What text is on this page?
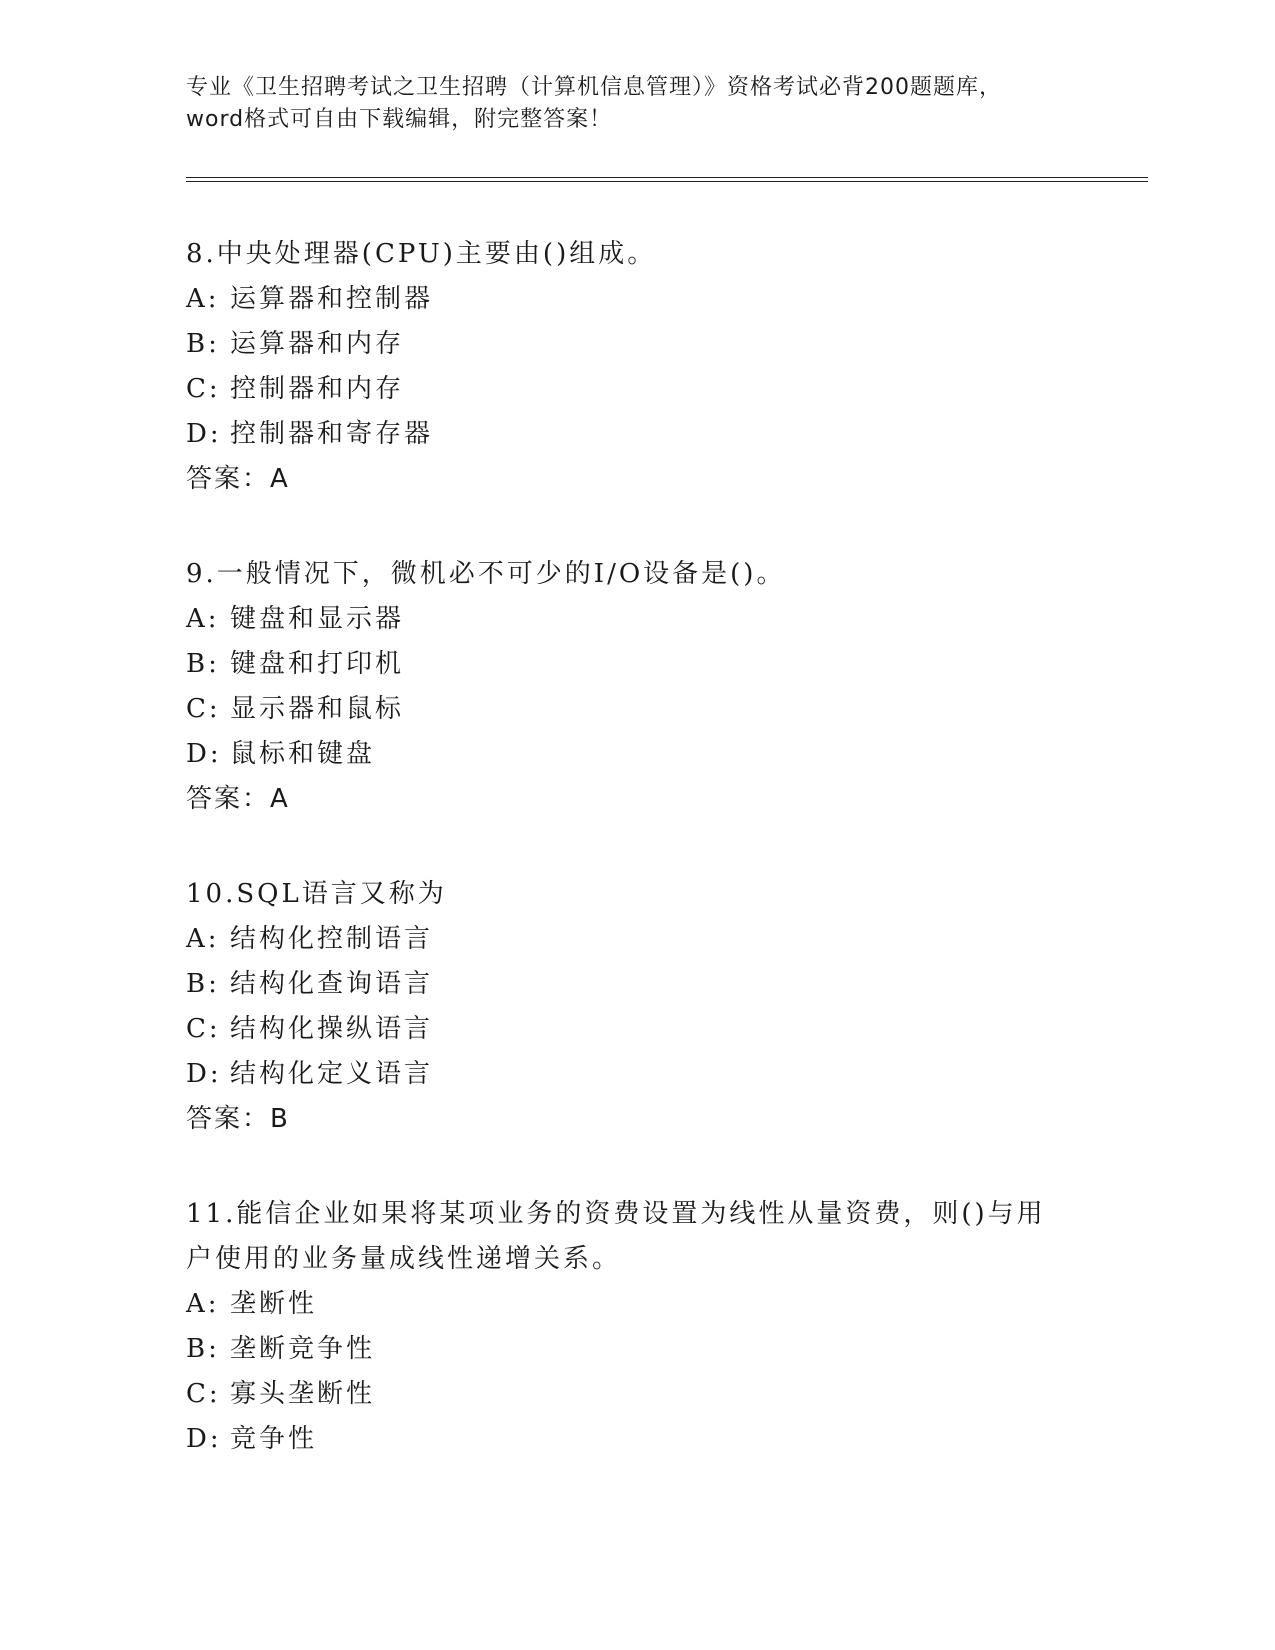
专业《卫生招聘考试之卫生招聘（计算机信息管理）》资格考试必背200题题库，
word格式可自由下载编辑，附完整答案！
8.中央处理器(CPU)主要由()组成。
A: 运算器和控制器
B: 运算器和内存
C: 控制器和内存
D: 控制器和寄存器
答案：A
9.一般情况下，微机必不可少的I/O设备是()。
A: 键盘和显示器
B: 键盘和打印机
C: 显示器和鼠标
D: 鼠标和键盘
答案：A
10.SQL语言又称为
A: 结构化控制语言
B: 结构化查询语言
C: 结构化操纵语言
D: 结构化定义语言
答案：B
11.能信企业如果将某项业务的资费设置为线性从量资费，则()与用户使用的业务量成线性递增关系。
A: 垄断性
B: 垄断竞争性
C: 寡头垄断性
D: 竞争性
